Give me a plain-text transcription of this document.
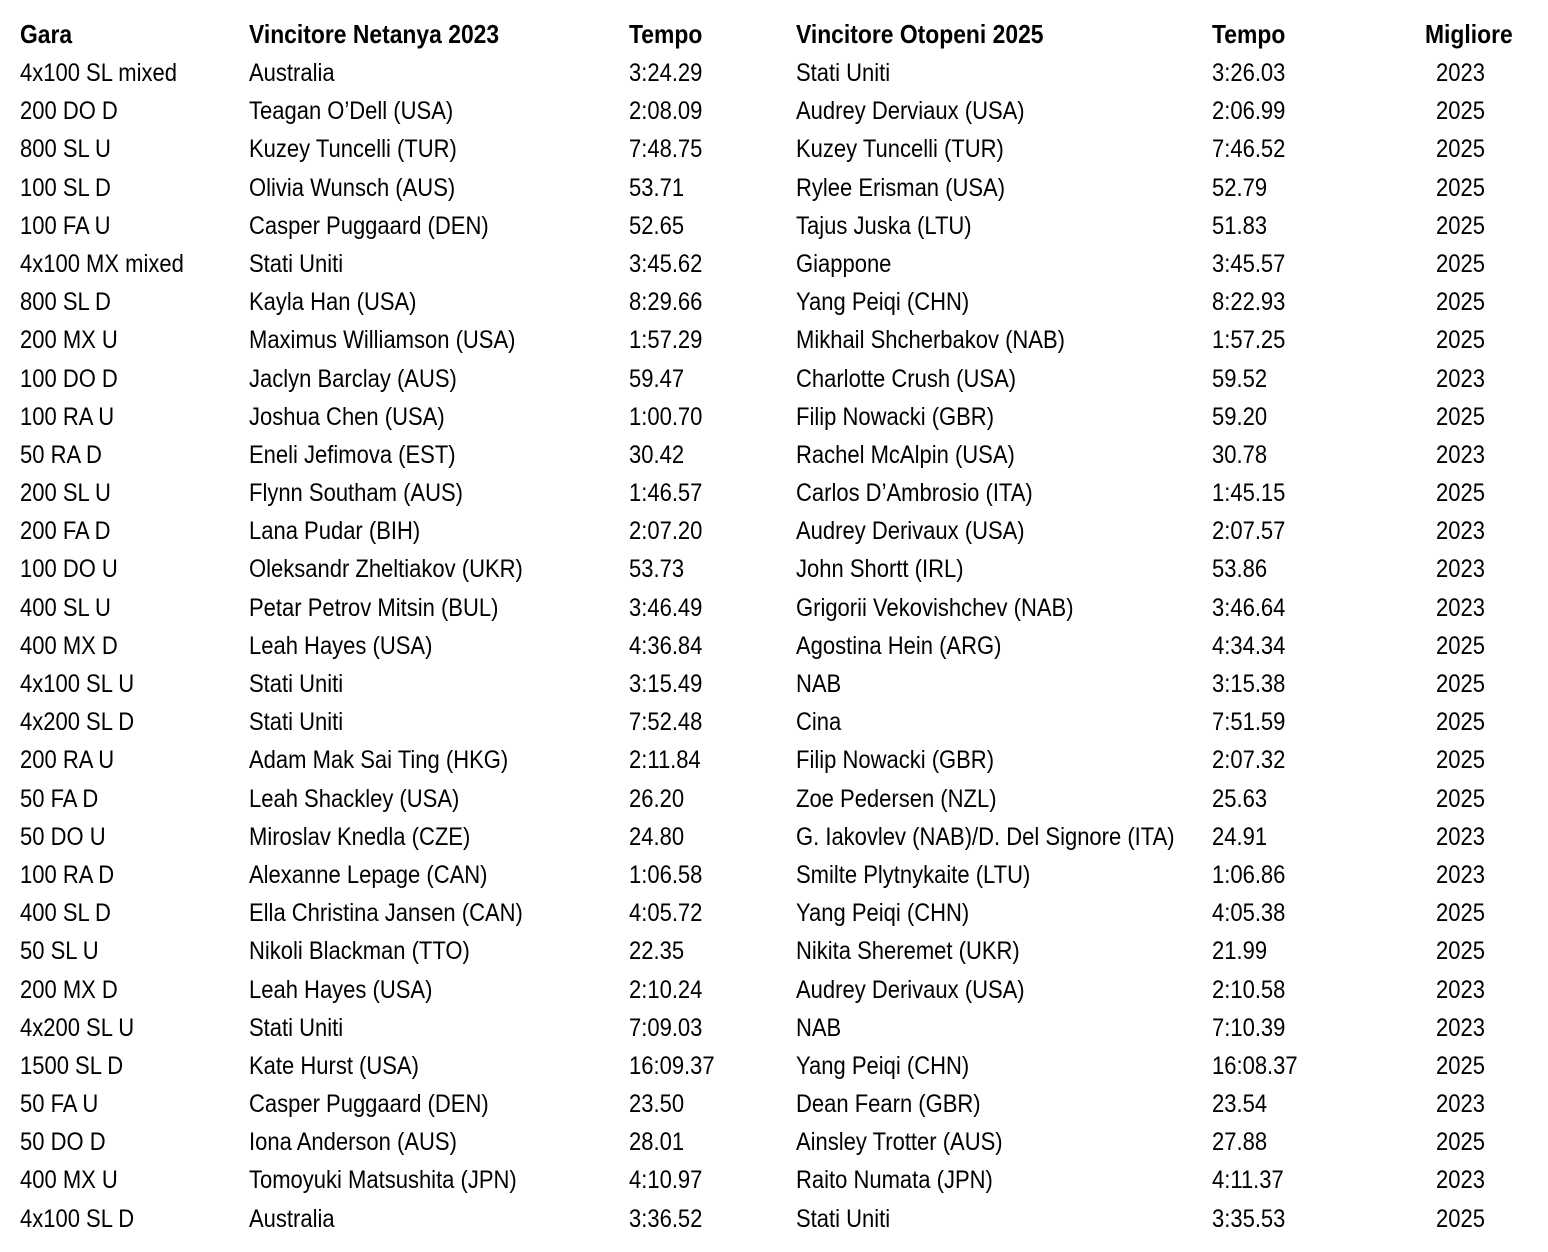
Gara	Vincitore Netanya 2023	Tempo	Vincitore Otopeni 2025	Tempo	Migliore
4x100 SL mixed	Australia	3:24.29	Stati Uniti	3:26.03	2023
200 DO D	Teagan O’Dell (USA)	2:08.09	Audrey Derviaux (USA)	2:06.99	2025
800 SL U	Kuzey Tuncelli (TUR)	7:48.75	Kuzey Tuncelli (TUR)	7:46.52	2025
100 SL D	Olivia Wunsch (AUS)	53.71	Rylee Erisman (USA)	52.79	2025
100 FA U	Casper Puggaard (DEN)	52.65	Tajus Juska (LTU)	51.83	2025
4x100 MX mixed	Stati Uniti	3:45.62	Giappone	3:45.57	2025
800 SL D	Kayla Han (USA)	8:29.66	Yang Peiqi (CHN)	8:22.93	2025
200 MX U	Maximus Williamson (USA)	1:57.29	Mikhail Shcherbakov (NAB)	1:57.25	2025
100 DO D	Jaclyn Barclay (AUS)	59.47	Charlotte Crush (USA)	59.52	2023
100 RA U	Joshua Chen (USA)	1:00.70	Filip Nowacki (GBR)	59.20	2025
50 RA D	Eneli Jefimova (EST)	30.42	Rachel McAlpin (USA)	30.78	2023
200 SL U	Flynn Southam (AUS)	1:46.57	Carlos D’Ambrosio (ITA)	1:45.15	2025
200 FA D	Lana Pudar (BIH)	2:07.20	Audrey Derivaux (USA)	2:07.57	2023
100 DO U	Oleksandr Zheltiakov (UKR)	53.73	John Shortt (IRL)	53.86	2023
400 SL U	Petar Petrov Mitsin (BUL)	3:46.49	Grigorii Vekovishchev (NAB)	3:46.64	2023
400 MX D	Leah Hayes (USA)	4:36.84	Agostina Hein (ARG)	4:34.34	2025
4x100 SL U	Stati Uniti	3:15.49	NAB	3:15.38	2025
4x200 SL D	Stati Uniti	7:52.48	Cina	7:51.59	2025
200 RA U	Adam Mak Sai Ting (HKG)	2:11.84	Filip Nowacki (GBR)	2:07.32	2025
50 FA D	Leah Shackley (USA)	26.20	Zoe Pedersen (NZL)	25.63	2025
50 DO U	Miroslav Knedla (CZE)	24.80	G. Iakovlev (NAB)/D. Del Signore (ITA) 24.91	2023
100 RA D	Alexanne Lepage (CAN)	1:06.58	Smilte Plytnykaite (LTU)	1:06.86	2023
400 SL D	Ella Christina Jansen (CAN)	4:05.72	Yang Peiqi (CHN)	4:05.38	2025
50 SL U	Nikoli Blackman (TTO)	22.35	Nikita Sheremet (UKR)	21.99	2025
200 MX D	Leah Hayes (USA)	2:10.24	Audrey Derivaux (USA)	2:10.58	2023
4x200 SL U	Stati Uniti	7:09.03	NAB	7:10.39	2023
1500 SL D	Kate Hurst (USA)	16:09.37	Yang Peiqi (CHN)	16:08.37	2025
50 FA U	Casper Puggaard (DEN)	23.50	Dean Fearn (GBR)	23.54	2023
50 DO D	Iona Anderson (AUS)	28.01	Ainsley Trotter (AUS)	27.88	2025
400 MX U	Tomoyuki Matsushita (JPN)	4:10.97	Raito Numata (JPN)	4:11.37	2023
4x100 SL D	Australia	3:36.52	Stati Uniti	3:35.53	2025
